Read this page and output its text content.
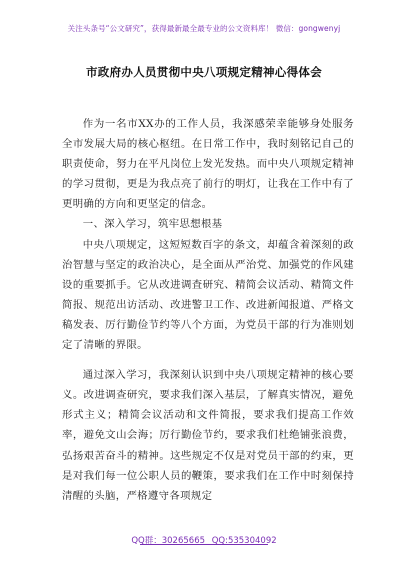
关注头条号“公文研究”，获得最新最全最专业的公文资料库！ 微信：gongwenyj
市政府办人员贯彻中央八项规定精神心得体会

作为一名市XX办的工作人员，我深感荣幸能够身处服务全市发展大局的核心枢纽。在日常工作中，我时刻铭记自己的职责使命，努力在平凡岗位上发光发热。而中央八项规定精神的学习贯彻，更是为我点亮了前行的明灯，让我在工作中有了更明确的方向和更坚定的信念。

一、深入学习，筑牢思想根基

中央八项规定，这短短数百字的条文，却蕴含着深刻的政治智慧与坚定的政治决心，是全面从严治党、加强党的作风建设的重要抓手。它从改进调査研究、精简会议活动、精简文件简报、规范出访活动、改进警卫工作、改进新闻报道、严格文稿发表、厉行勤俭节约等八个方面，为党员干部的行为准则划定了清晰的界限。

通过深入学习，我深刻认识到中央八项规定精神的核心要义。改进调查研究，要求我们深入基层，了解真实情况，避免形式主义；精简会议活动和文件简报，要求我们提高工作效率，避免文山会海；厉行勤俭节约，要求我们杜绝铺张浪费，弘扬艰苦奋斗的精神。这些规定不仅是对党员干部的约束，更是对我们每一位公职人员的鞭策，要求我们在工作中时刻保持清醒的头脑，严格遵守各项规定

QQ群：30265665 QQ:535304092
